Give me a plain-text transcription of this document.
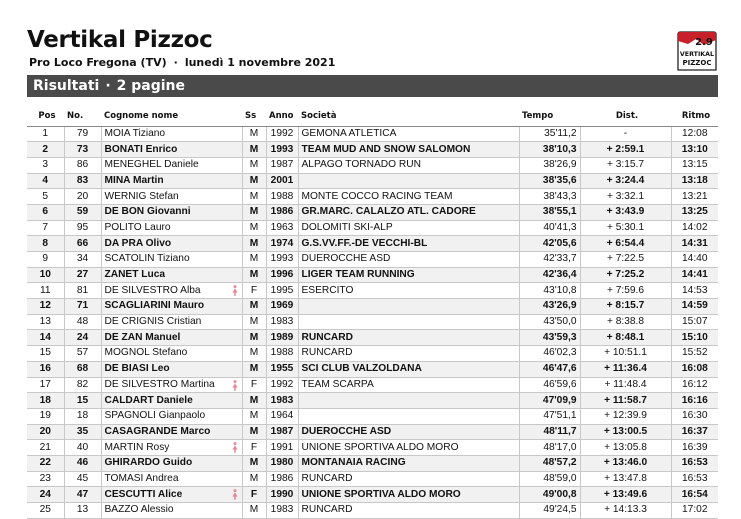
Vertikal Pizzoc
Pro Loco Fregona (TV) · lunedì 1 novembre 2021
2.9
VERTIKAL
PIZZOC
Risultati · 2 pagine
Pos	No.	Cognome nome	Ss	Anno	Società	Tempo	Dist.	Ritmo
1	79	MOIA Tiziano	M	1992	GEMONA ATLETICA	35'11,2	-	12:08
2	73	BONATI Enrico	M	1993	TEAM MUD AND SNOW SALOMON	38'10,3	+ 2:59.1	13:10
3	86	MENEGHEL Daniele	M	1987	ALPAGO TORNADO RUN	38'26,9	+ 3:15.7	13:15
4	83	MINA Martin	M	2001		38'35,6	+ 3:24.4	13:18
5	20	WERNIG Stefan	M	1988	MONTE COCCO RACING TEAM	38'43,3	+ 3:32.1	13:21
6	59	DE BON Giovanni	M	1986	GR.MARC. CALALZO ATL. CADORE	38'55,1	+ 3:43.9	13:25
7	95	POLITO Lauro	M	1963	DOLOMITI SKI-ALP	40'41,3	+ 5:30.1	14:02
8	66	DA PRA Olivo	M	1974	G.S.VV.FF.-DE VECCHI-BL	42'05,6	+ 6:54.4	14:31
9	34	SCATOLIN Tiziano	M	1993	DUEROCCHE ASD	42'33,7	+ 7:22.5	14:40
10	27	ZANET Luca	M	1996	LIGER TEAM RUNNING	42'36,4	+ 7:25.2	14:41
11	81	DE SILVESTRO Alba	F	1995	ESERCITO	43'10,8	+ 7:59.6	14:53
12	71	SCAGLIARINI Mauro	M	1969		43'26,9	+ 8:15.7	14:59
13	48	DE CRIGNIS Cristian	M	1983		43'50,0	+ 8:38.8	15:07
14	24	DE ZAN Manuel	M	1989	RUNCARD	43'59,3	+ 8:48.1	15:10
15	57	MOGNOL Stefano	M	1988	RUNCARD	46'02,3	+ 10:51.1	15:52
16	68	DE BIASI Leo	M	1955	SCI CLUB VALZOLDANA	46'47,6	+ 11:36.4	16:08
17	82	DE SILVESTRO Martina	F	1992	TEAM SCARPA	46'59,6	+ 11:48.4	16:12
18	15	CALDART Daniele	M	1983		47'09,9	+ 11:58.7	16:16
19	18	SPAGNOLI Gianpaolo	M	1964		47'51,1	+ 12:39.9	16:30
20	35	CASAGRANDE Marco	M	1987	DUEROCCHE ASD	48'11,7	+ 13:00.5	16:37
21	40	MARTIN Rosy	F	1991	UNIONE SPORTIVA ALDO MORO	48'17,0	+ 13:05.8	16:39
22	46	GHIRARDO Guido	M	1980	MONTANAIA RACING	48'57,2	+ 13:46.0	16:53
23	45	TOMASI Andrea	M	1986	RUNCARD	48'59,0	+ 13:47.8	16:53
24	47	CESCUTTI Alice	F	1990	UNIONE SPORTIVA ALDO MORO	49'00,8	+ 13:49.6	16:54
25	13	BAZZO Alessio	M	1983	RUNCARD	49'24,5	+ 14:13.3	17:02
